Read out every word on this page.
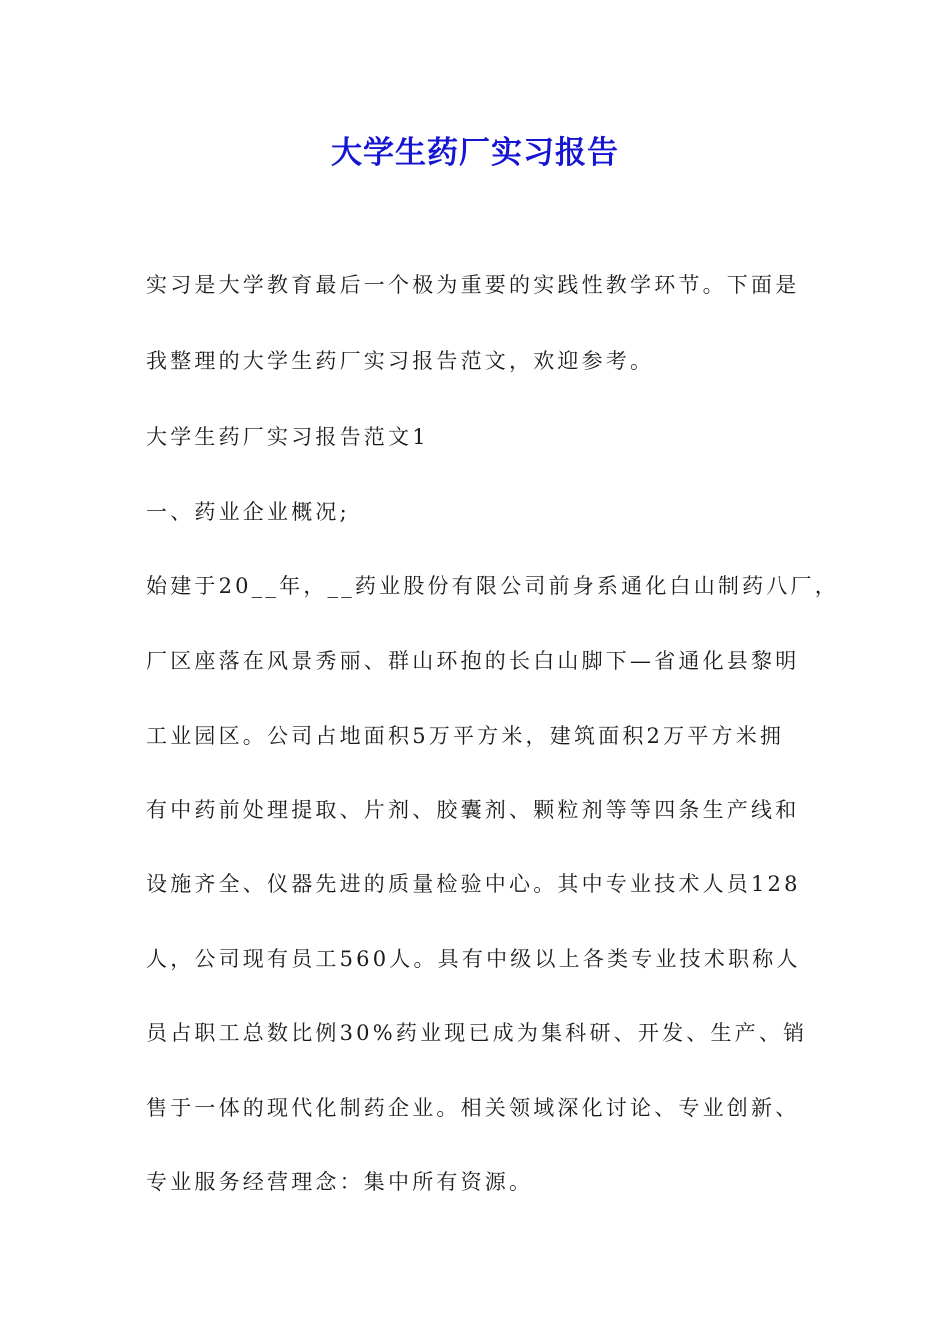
大学生药厂实习报告
实习是大学教育最后一个极为重要的实践性教学环节。下面是
我整理的大学生药厂实习报告范文，欢迎参考。
大学生药厂实习报告范文1
一、药业企业概况;
始建于20__年，__药业股份有限公司前身系通化白山制药八厂，
厂区座落在风景秀丽、群山环抱的长白山脚下—省通化县黎明
工业园区。公司占地面积5万平方米，建筑面积2万平方米拥
有中药前处理提取、片剂、胶囊剂、颗粒剂等等四条生产线和
设施齐全、仪器先进的质量检验中心。其中专业技术人员128
人，公司现有员工560人。具有中级以上各类专业技术职称人
员占职工总数比例30%药业现已成为集科研、开发、生产、销
售于一体的现代化制药企业。相关领域深化讨论、专业创新、
专业服务经营理念：集中所有资源。
